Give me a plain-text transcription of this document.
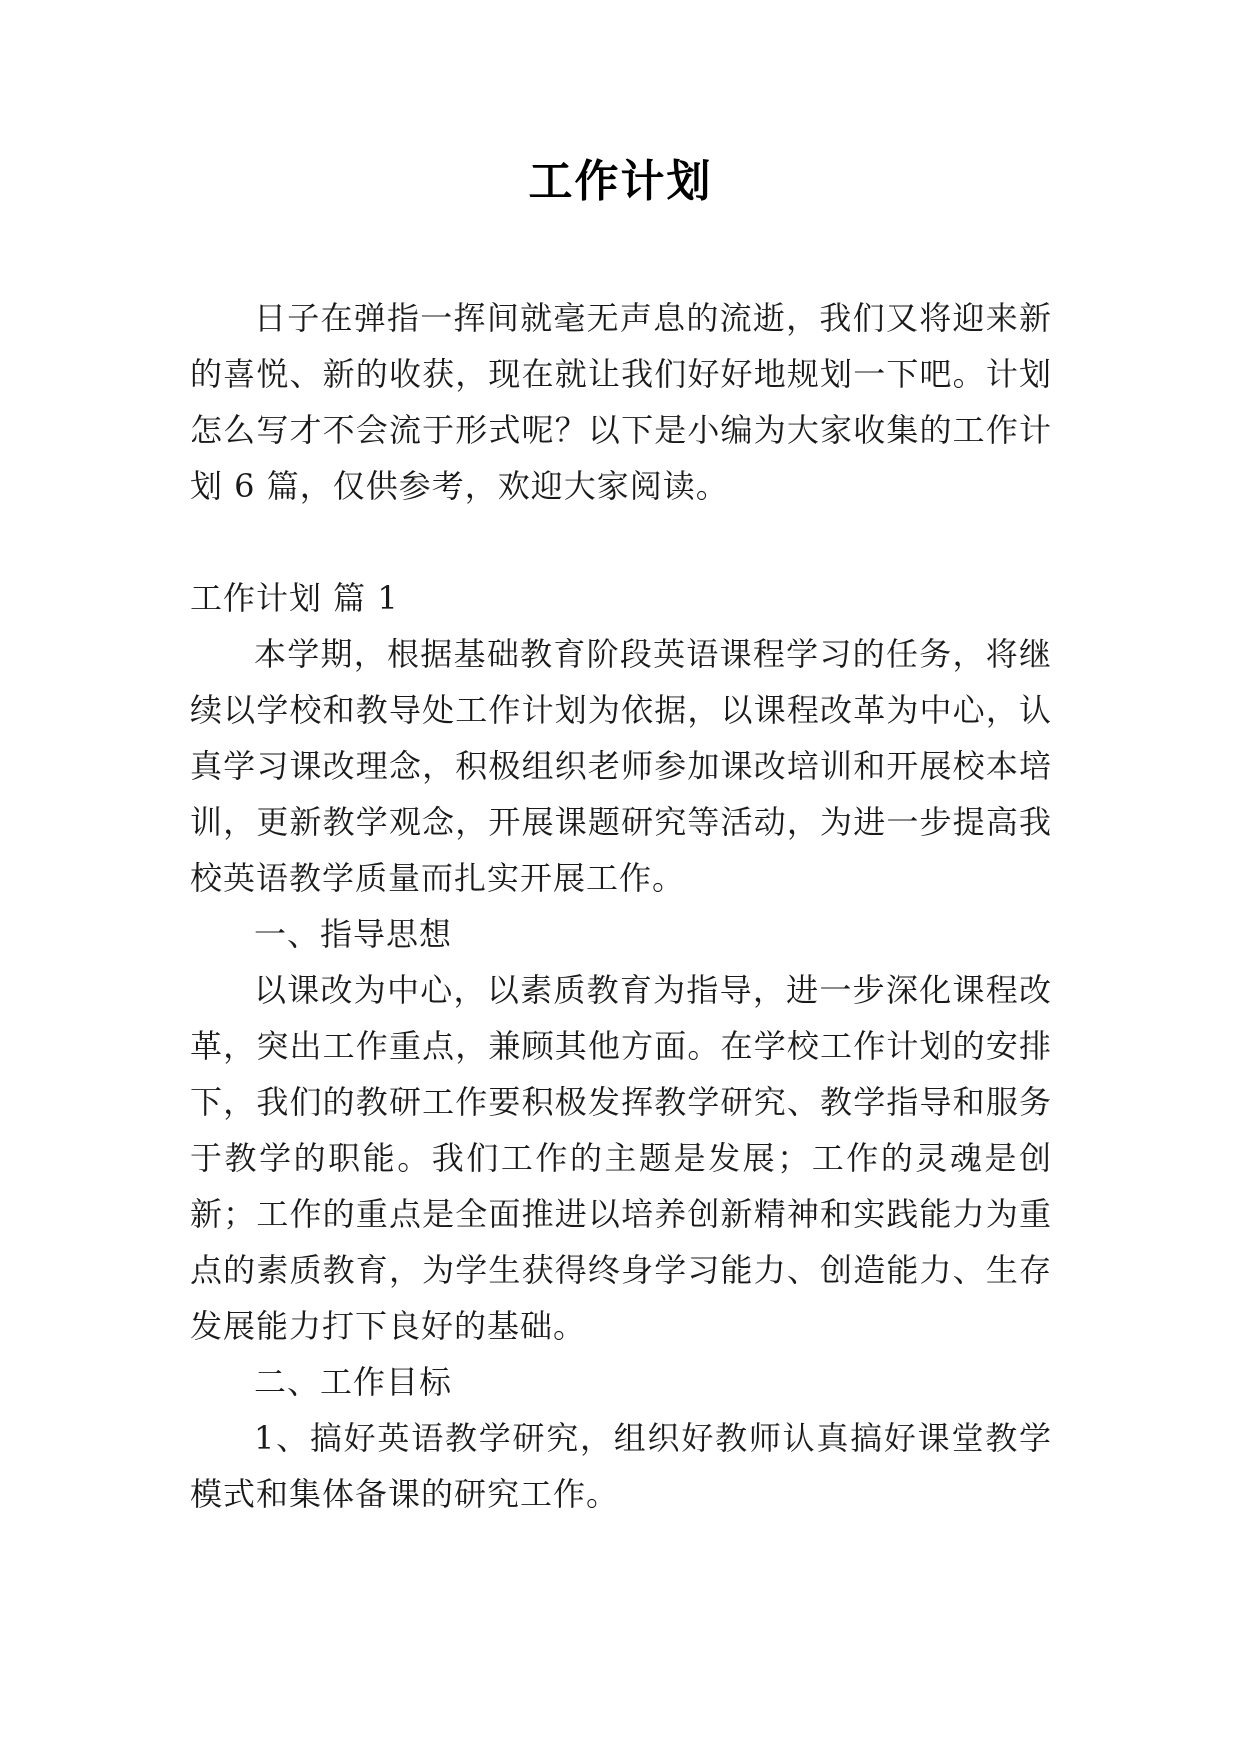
工作计划

日子在弹指一挥间就毫无声息的流逝，我们又将迎来新的喜悦、新的收获，现在就让我们好好地规划一下吧。计划怎么写才不会流于形式呢？以下是小编为大家收集的工作计划 6 篇，仅供参考，欢迎大家阅读。

工作计划 篇 1

本学期，根据基础教育阶段英语课程学习的任务，将继续以学校和教导处工作计划为依据，以课程改革为中心，认真学习课改理念，积极组织老师参加课改培训和开展校本培训，更新教学观念，开展课题研究等活动，为进一步提高我校英语教学质量而扎实开展工作。

一、指导思想

以课改为中心，以素质教育为指导，进一步深化课程改革，突出工作重点，兼顾其他方面。在学校工作计划的安排下，我们的教研工作要积极发挥教学研究、教学指导和服务于教学的职能。我们工作的主题是发展；工作的灵魂是创新；工作的重点是全面推进以培养创新精神和实践能力为重点的素质教育，为学生获得终身学习能力、创造能力、生存发展能力打下良好的基础。

二、工作目标

1、搞好英语教学研究，组织好教师认真搞好课堂教学模式和集体备课的研究工作。
